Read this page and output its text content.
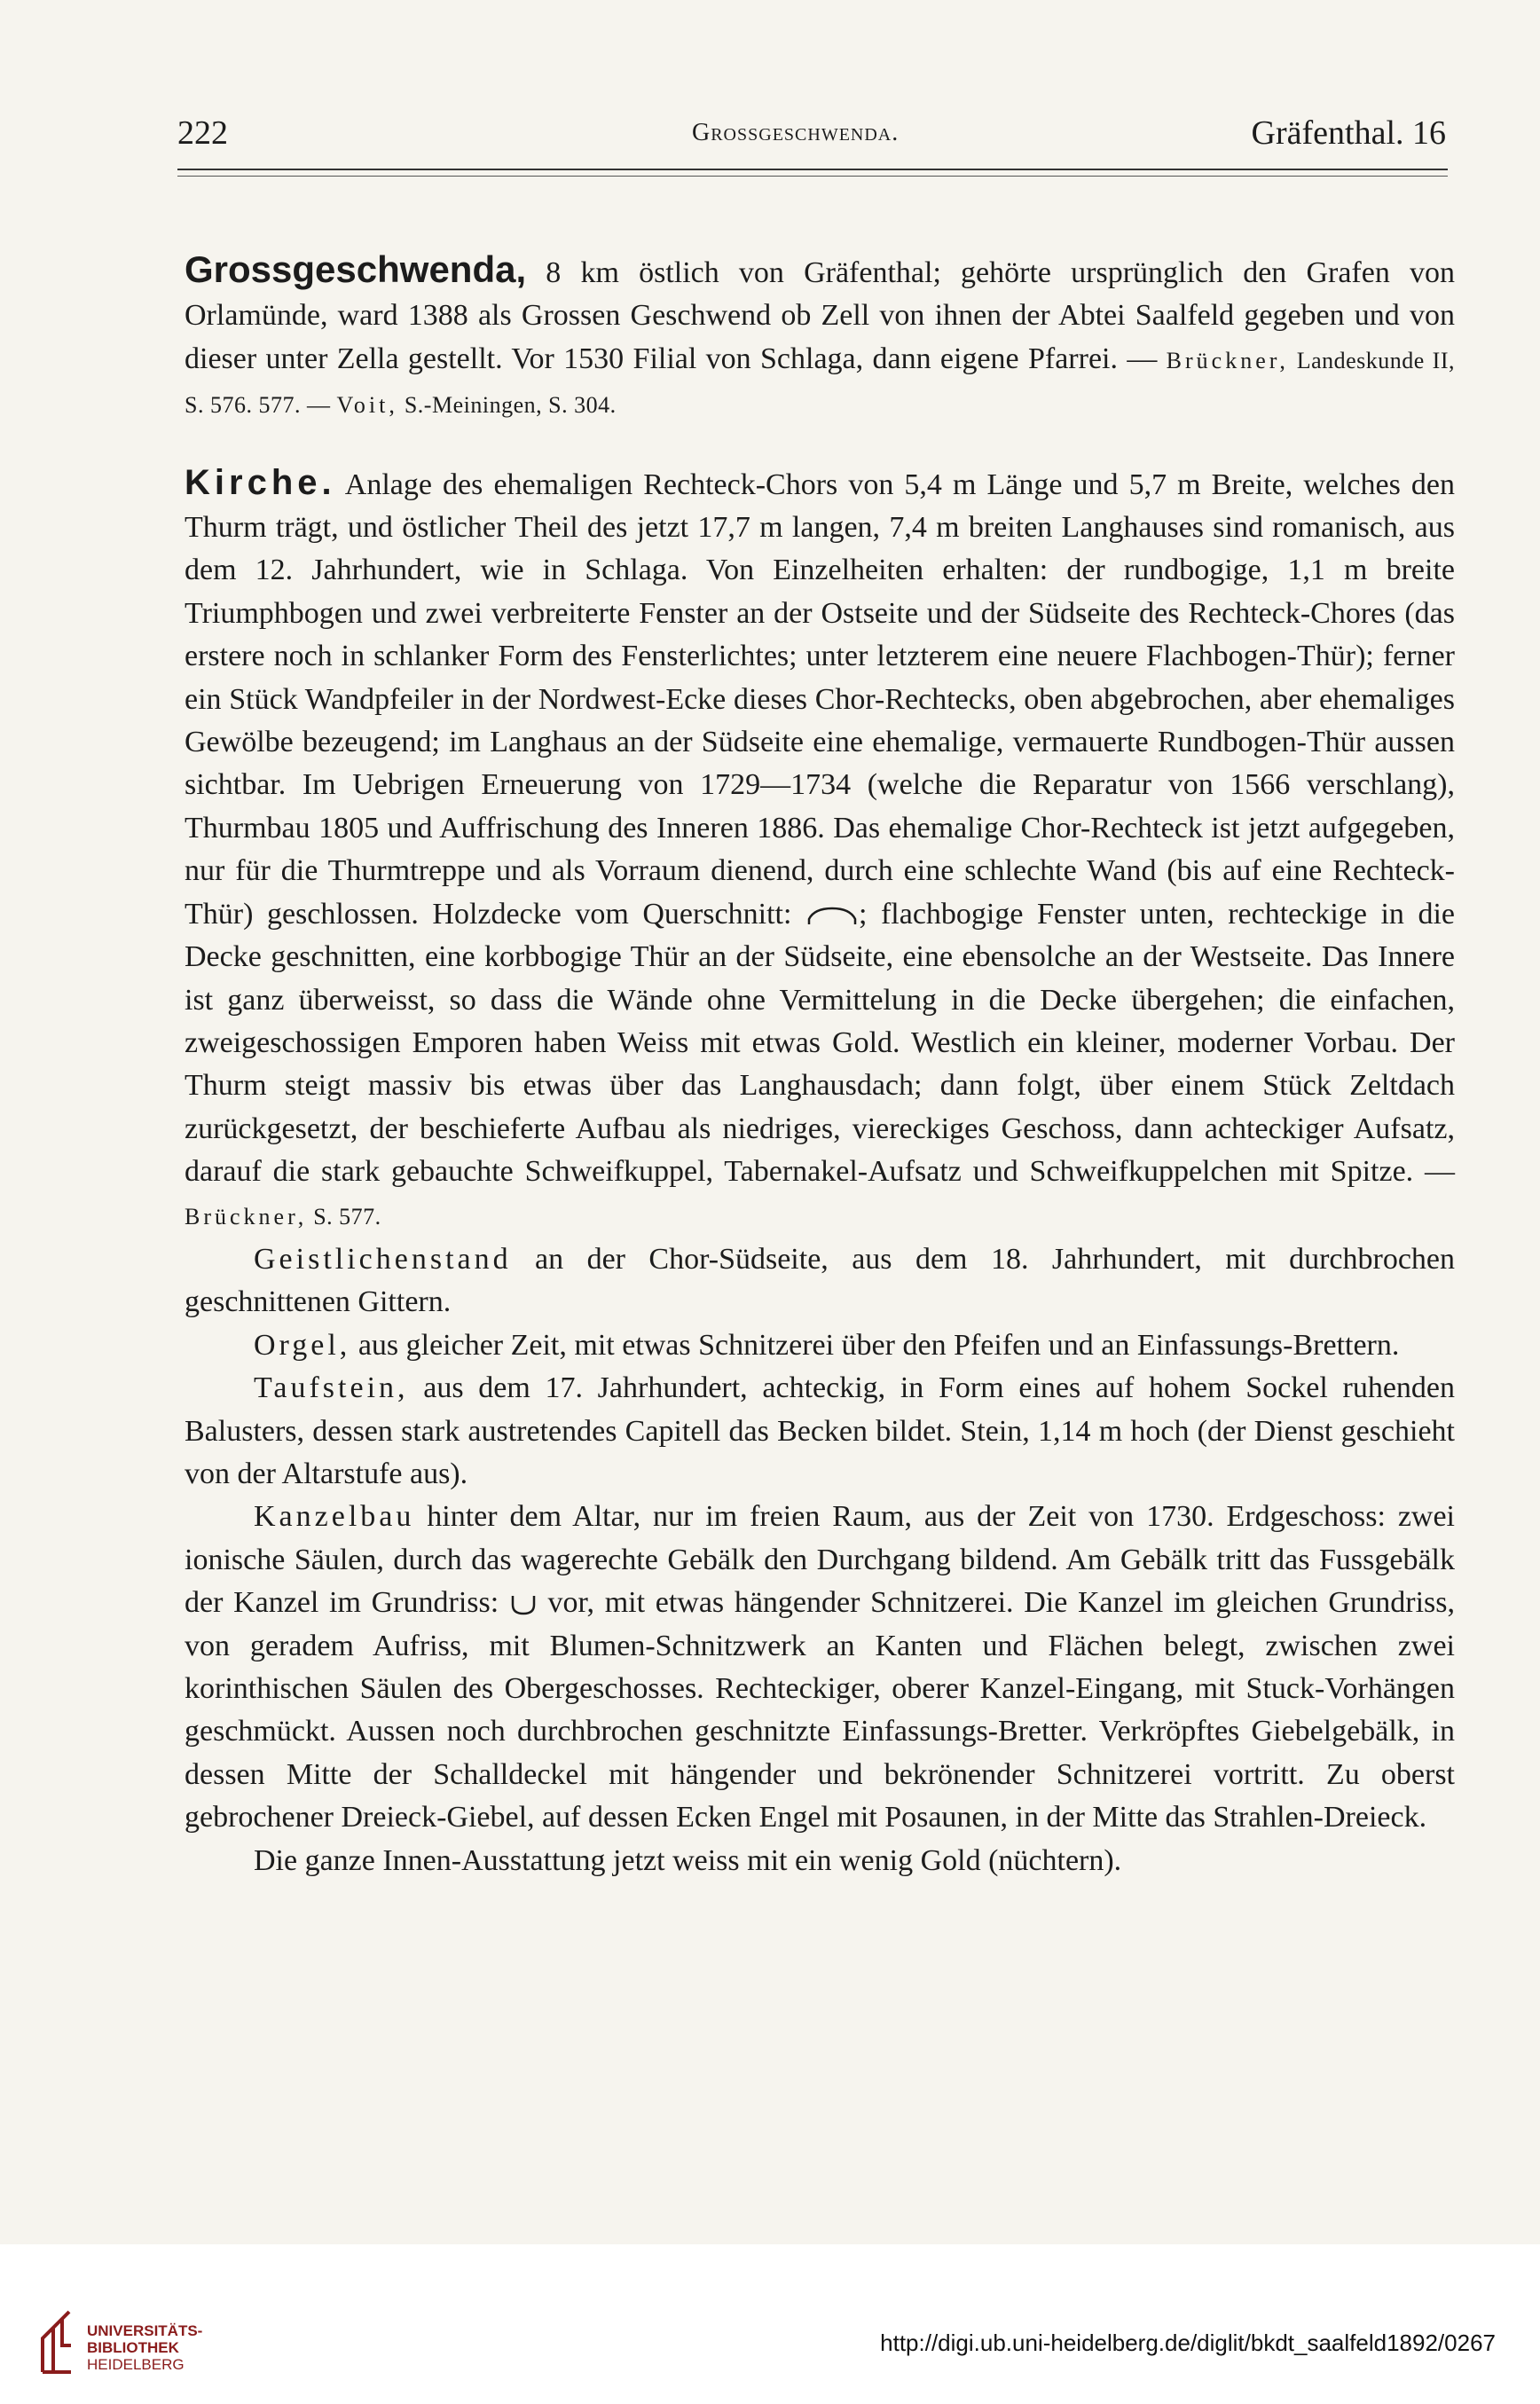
222	Grossgeschwenda.	Gräfenthal. 16

Grossgeschwenda, 8 km östlich von Gräfenthal; gehörte ursprünglich den Grafen von Orlamünde, ward 1388 als Grossen Geschwend ob Zell von ihnen der Abtei Saalfeld gegeben und von dieser unter Zella gestellt. Vor 1530 Filial von Schlaga, dann eigene Pfarrei. — Brückner, Landeskunde II, S. 576. 577. — Voit, S.-Meiningen, S. 304.

Kirche. Anlage des ehemaligen Rechteck-Chors von 5,4 m Länge und 5,7 m Breite, welches den Thurm trägt, und östlicher Theil des jetzt 17,7 m langen, 7,4 m breiten Langhauses sind romanisch, aus dem 12. Jahrhundert, wie in Schlaga. Von Einzelheiten erhalten: der rundbogige, 1,1 m breite Triumphbogen und zwei verbreiterte Fenster an der Ostseite und der Südseite des Rechteck-Chores (das erstere noch in schlanker Form des Fensterlichtes; unter letzterem eine neuere Flachbogen-Thür); ferner ein Stück Wandpfeiler in der Nordwest-Ecke dieses Chor-Rechtecks, oben abgebrochen, aber ehemaliges Gewölbe bezeugend; im Langhaus an der Südseite eine ehemalige, vermauerte Rundbogen-Thür aussen sichtbar. Im Uebrigen Erneuerung von 1729—1734 (welche die Reparatur von 1566 verschlang), Thurmbau 1805 und Auffrischung des Inneren 1886. Das ehemalige Chor-Rechteck ist jetzt aufgegeben, nur für die Thurmtreppe und als Vorraum dienend, durch eine schlechte Wand (bis auf eine Rechteck-Thür) geschlossen. Holzdecke vom Querschnitt: ; flachbogige Fenster unten, rechteckige in die Decke geschnitten, eine korbbogige Thür an der Südseite, eine ebensolche an der Westseite. Das Innere ist ganz überweisst, so dass die Wände ohne Vermittelung in die Decke übergehen; die einfachen, zweigeschossigen Emporen haben Weiss mit etwas Gold. Westlich ein kleiner, moderner Vorbau. Der Thurm steigt massiv bis etwas über das Langhausdach; dann folgt, über einem Stück Zeltdach zurückgesetzt, der beschieferte Aufbau als niedriges, viereckiges Geschoss, dann achteckiger Aufsatz, darauf die stark gebauchte Schweifkuppel, Tabernakel-Aufsatz und Schweifkuppelchen mit Spitze. — Brückner, S. 577.

Geistlichenstand an der Chor-Südseite, aus dem 18. Jahrhundert, mit durchbrochen geschnittenen Gittern.

Orgel, aus gleicher Zeit, mit etwas Schnitzerei über den Pfeifen und an Einfassungs-Brettern.

Taufstein, aus dem 17. Jahrhundert, achteckig, in Form eines auf hohem Sockel ruhenden Balusters, dessen stark austretendes Capitell das Becken bildet. Stein, 1,14 m hoch (der Dienst geschieht von der Altarstufe aus).

Kanzelbau hinter dem Altar, nur im freien Raum, aus der Zeit von 1730. Erdgeschoss: zwei ionische Säulen, durch das wagerechte Gebälk den Durchgang bildend. Am Gebälk tritt das Fussgebälk der Kanzel im Grundriss:  vor, mit etwas hängender Schnitzerei. Die Kanzel im gleichen Grundriss, von geradem Aufriss, mit Blumen-Schnitzwerk an Kanten und Flächen belegt, zwischen zwei korinthischen Säulen des Obergeschosses. Rechteckiger, oberer Kanzel-Eingang, mit Stuck-Vorhängen geschmückt. Aussen noch durchbrochen geschnitzte Einfassungs-Bretter. Verkröpftes Giebelgebälk, in dessen Mitte der Schalldeckel mit hängender und bekrönender Schnitzerei vortritt. Zu oberst gebrochener Dreieck-Giebel, auf dessen Ecken Engel mit Posaunen, in der Mitte das Strahlen-Dreieck.

Die ganze Innen-Ausstattung jetzt weiss mit ein wenig Gold (nüchtern).

UNIVERSITÄTS-
BIBLIOTHEK
HEIDELBERG
http://digi.ub.uni-heidelberg.de/diglit/bkdt_saalfeld1892/0267
